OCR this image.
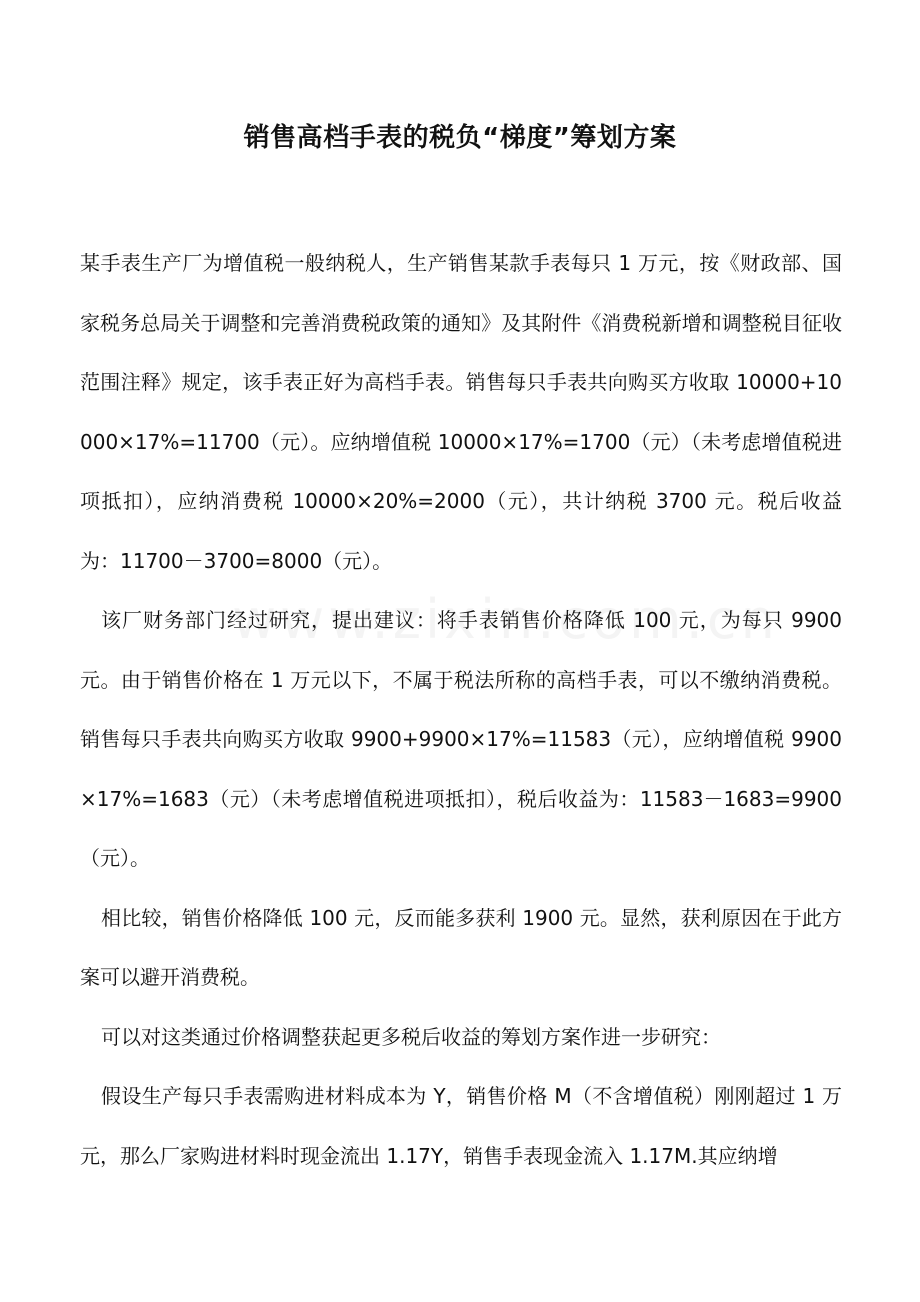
销售高档手表的税负“梯度”筹划方案

某手表生产厂为增值税一般纳税人，生产销售某款手表每只 1 万元，按《财政部、国家税务总局关于调整和完善消费税政策的通知》及其附件《消费税新增和调整税目征收范围注释》规定，该手表正好为高档手表。销售每只手表共向购买方收取 10000+10000×17%=11700（元）。应纳增值税 10000×17%=1700（元）（未考虑增值税进项抵扣），应纳消费税 10000×20%=2000（元），共计纳税 3700 元。税后收益为：11700－3700=8000（元）。

该厂财务部门经过研究，提出建议：将手表销售价格降低 100 元，为每只 9900 元。由于销售价格在 1 万元以下，不属于税法所称的高档手表，可以不缴纳消费税。销售每只手表共向购买方收取 9900+9900×17%=11583（元），应纳增值税 9900×17%=1683（元）（未考虑增值税进项抵扣），税后收益为：11583－1683=9900（元）。

相比较，销售价格降低 100 元，反而能多获利 1900 元。显然，获利原因在于此方案可以避开消费税。

可以对这类通过价格调整获起更多税后收益的筹划方案作进一步研究：

假设生产每只手表需购进材料成本为 Y，销售价格 M（不含增值税）刚刚超过 1 万元，那么厂家购进材料时现金流出 1.17Y，销售手表现金流入 1.17M.其应纳增
